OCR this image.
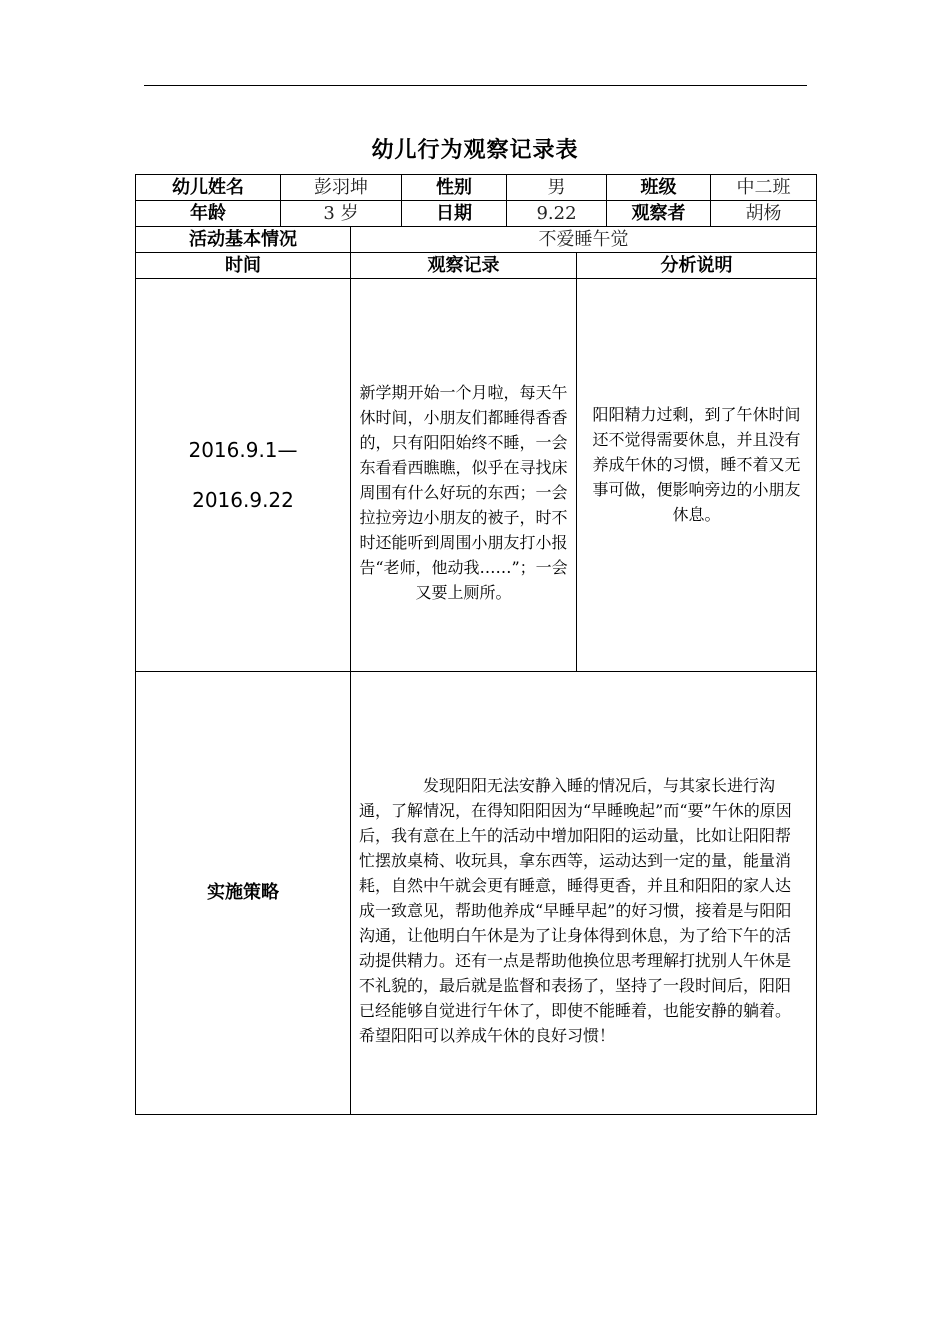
幼儿行为观察记录表
幼儿姓名	彭羽坤		性别	男		班级	中二班
年龄	3 岁		日期	9.22		观察者	胡杨
活动基本情况		不爱睡午觉					
时间		观察记录			分析说明		

2016.9.1—
2016.9.22		新学期开始一个月啦，每天午休时间，小朋友们都睡得香香的，只有阳阳始终不睡，一会东看看西瞧瞧，似乎在寻找床周围有什么好玩的东西；一会拉拉旁边小朋友的被子，时不时还能听到周围小朋友打小报告“老师，他动我……”；一会又要上厕所。			阳阳精力过剩，到了午休时间还不觉得需要休息，并且没有养成午休的习惯，睡不着又无事可做，便影响旁边的小朋友休息。		

实施策略		发现阳阳无法安静入睡的情况后，与其家长进行沟通，了解情况，在得知阳阳因为“早睡晚起”而“要”午休的原因后，我有意在上午的活动中增加阳阳的运动量，比如让阳阳帮忙摆放桌椅、收玩具，拿东西等，运动达到一定的量，能量消耗，自然中午就会更有睡意，睡得更香，并且和阳阳的家人达成一致意见，帮助他养成“早睡早起”的好习惯，接着是与阳阳沟通，让他明白午休是为了让身体得到休息，为了给下午的活动提供精力。还有一点是帮助他换位思考理解打扰别人午休是不礼貌的，最后就是监督和表扬了，坚持了一段时间后，阳阳已经能够自觉进行午休了，即使不能睡着，也能安静的躺着。希望阳阳可以养成午休的良好习惯！					
